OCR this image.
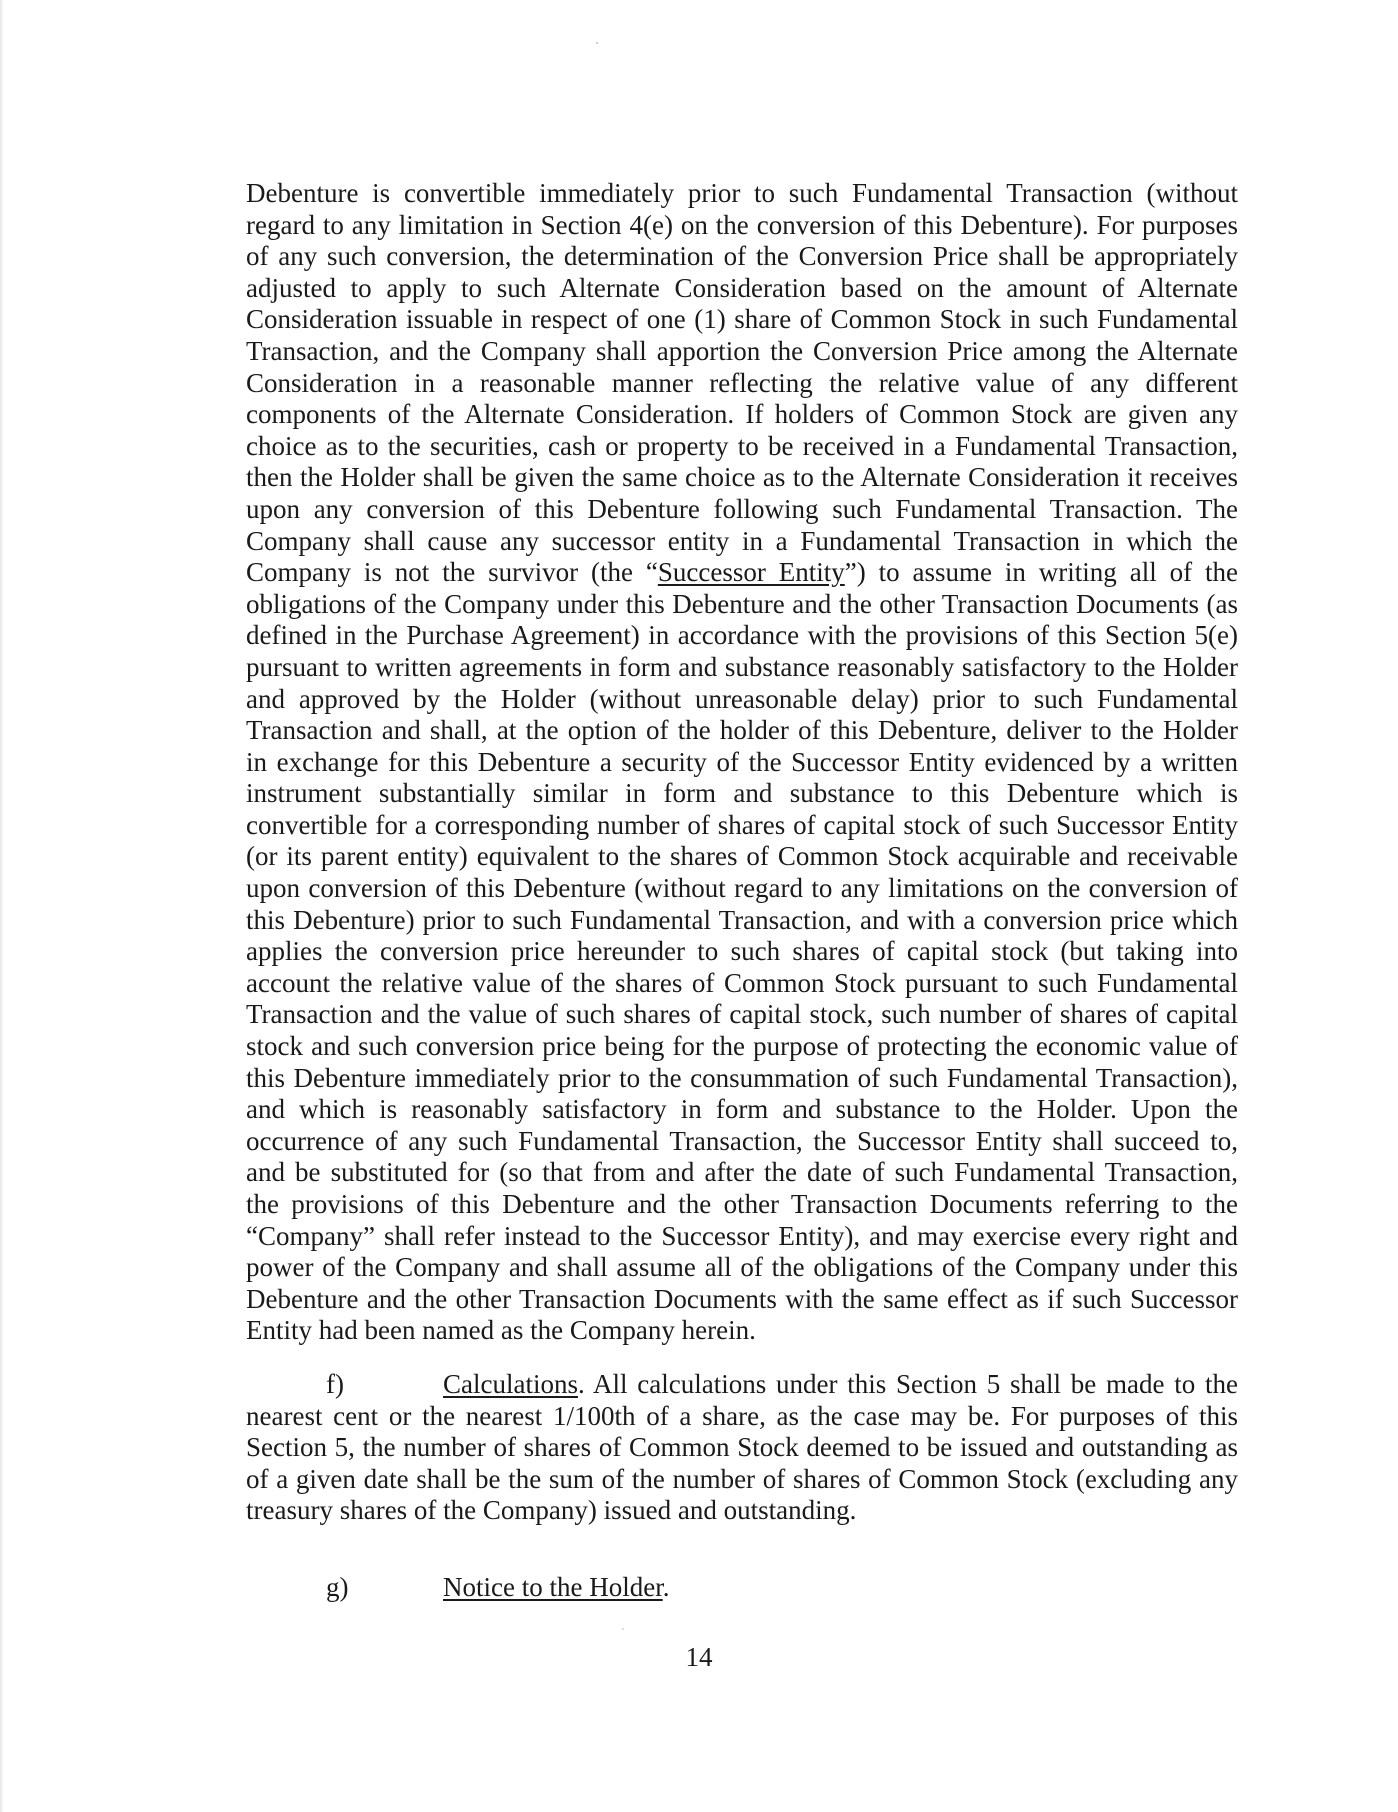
Debenture is convertible immediately prior to such Fundamental Transaction (without
regard to any limitation in Section 4(e) on the conversion of this Debenture). For purposes
of any such conversion, the determination of the Conversion Price shall be appropriately
adjusted to apply to such Alternate Consideration based on the amount of Alternate
Consideration issuable in respect of one (1) share of Common Stock in such Fundamental
Transaction, and the Company shall apportion the Conversion Price among the Alternate
Consideration in a reasonable manner reflecting the relative value of any different
components of the Alternate Consideration. If holders of Common Stock are given any
choice as to the securities, cash or property to be received in a Fundamental Transaction,
then the Holder shall be given the same choice as to the Alternate Consideration it receives
upon any conversion of this Debenture following such Fundamental Transaction. The
Company shall cause any successor entity in a Fundamental Transaction in which the
Company is not the survivor (the “Successor Entity”) to assume in writing all of the
obligations of the Company under this Debenture and the other Transaction Documents (as
defined in the Purchase Agreement) in accordance with the provisions of this Section 5(e)
pursuant to written agreements in form and substance reasonably satisfactory to the Holder
and approved by the Holder (without unreasonable delay) prior to such Fundamental
Transaction and shall, at the option of the holder of this Debenture, deliver to the Holder
in exchange for this Debenture a security of the Successor Entity evidenced by a written
instrument substantially similar in form and substance to this Debenture which is
convertible for a corresponding number of shares of capital stock of such Successor Entity
(or its parent entity) equivalent to the shares of Common Stock acquirable and receivable
upon conversion of this Debenture (without regard to any limitations on the conversion of
this Debenture) prior to such Fundamental Transaction, and with a conversion price which
applies the conversion price hereunder to such shares of capital stock (but taking into
account the relative value of the shares of Common Stock pursuant to such Fundamental
Transaction and the value of such shares of capital stock, such number of shares of capital
stock and such conversion price being for the purpose of protecting the economic value of
this Debenture immediately prior to the consummation of such Fundamental Transaction),
and which is reasonably satisfactory in form and substance to the Holder. Upon the
occurrence of any such Fundamental Transaction, the Successor Entity shall succeed to,
and be substituted for (so that from and after the date of such Fundamental Transaction,
the provisions of this Debenture and the other Transaction Documents referring to the
“Company” shall refer instead to the Successor Entity), and may exercise every right and
power of the Company and shall assume all of the obligations of the Company under this
Debenture and the other Transaction Documents with the same effect as if such Successor
Entity had been named as the Company herein.
f)	Calculations. All calculations under this Section 5 shall be made to the
nearest cent or the nearest 1/100th of a share, as the case may be. For purposes of this
Section 5, the number of shares of Common Stock deemed to be issued and outstanding as
of a given date shall be the sum of the number of shares of Common Stock (excluding any
treasury shares of the Company) issued and outstanding.
g)	Notice to the Holder.
14
